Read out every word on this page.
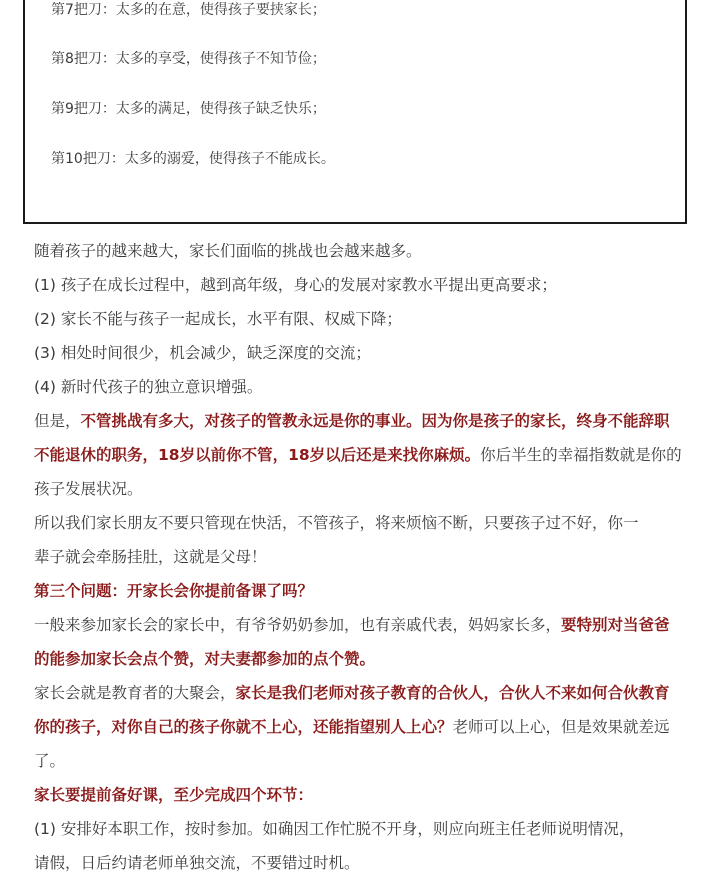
第7把刀：太多的在意，使得孩子要挟家长；
第8把刀：太多的享受，使得孩子不知节俭；
第9把刀：太多的满足，使得孩子缺乏快乐；
第10把刀：太多的溺爱，使得孩子不能成长。

随着孩子的越来越大，家长们面临的挑战也会越来越多。

(1) 孩子在成长过程中，越到高年级，身心的发展对家教水平提出更高要求；

(2) 家长不能与孩子一起成长，水平有限、权威下降；

(3) 相处时间很少，机会减少，缺乏深度的交流；

(4) 新时代孩子的独立意识增强。

但是，不管挑战有多大，对孩子的管教永远是你的事业。因为你是孩子的家长，终身不能辞职不能退休的职务，18岁以前你不管，18岁以后还是来找你麻烦。你后半生的幸福指数就是你的孩子发展状况。

所以我们家长朋友不要只管现在快活，不管孩子，将来烦恼不断，只要孩子过不好，你一

辈子就会牵肠挂肚，这就是父母！

第三个问题：开家长会你提前备课了吗？

一般来参加家长会的家长中，有爷爷奶奶参加，也有亲戚代表，妈妈家长多，要特别对当爸爸的能参加家长会点个赞，对夫妻都参加的点个赞。

家长会就是教育者的大聚会，家长是我们老师对孩子教育的合伙人，合伙人不来如何合伙教育你的孩子，对你自己的孩子你就不上心，还能指望别人上心？老师可以上心，但是效果就差远了。

家长要提前备好课，至少完成四个环节：

(1) 安排好本职工作，按时参加。如确因工作忙脱不开身，则应向班主任老师说明情况，

请假，日后约请老师单独交流，不要错过时机。
